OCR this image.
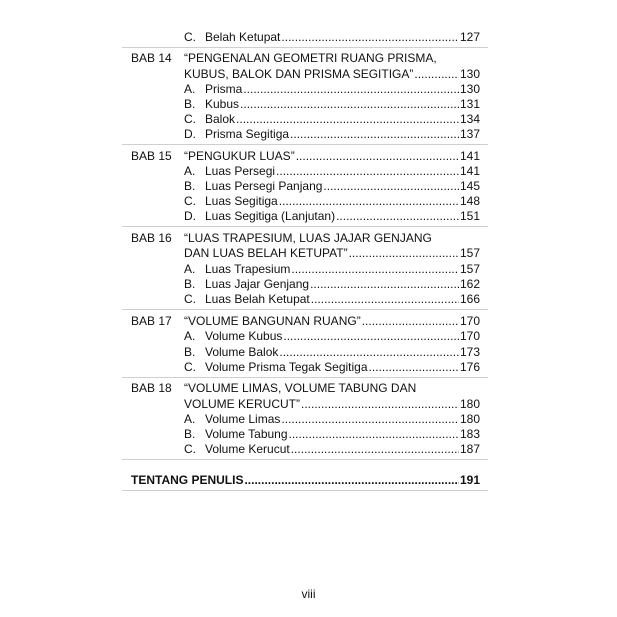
C. Belah Ketupat .....	127
BAB 14 “PENGENALAN GEOMETRI RUANG PRISMA,
KUBUS, BALOK DAN PRISMA SEGITIGA” .....	130
A. Prisma .....	130
B. Kubus .....	131
C. Balok .....	134
D. Prisma Segitiga .....	137
BAB 15 “PENGUKUR LUAS” .....	141
A. Luas Persegi .....	141
B. Luas Persegi Panjang .....	145
C. Luas Segitiga .....	148
D. Luas Segitiga (Lanjutan) .....	151
BAB 16 “LUAS TRAPESIUM, LUAS JAJAR GENJANG
DAN LUAS BELAH KETUPAT” .....	157
A. Luas Trapesium .....	157
B. Luas Jajar Genjang .....	162
C. Luas Belah Ketupat .....	166
BAB 17 “VOLUME BANGUNAN RUANG” .....	170
A. Volume Kubus .....	170
B. Volume Balok .....	173
C. Volume Prisma Tegak Segitiga .....	176
BAB 18 “VOLUME LIMAS, VOLUME TABUNG DAN
VOLUME KERUCUT” .....	180
A. Volume Limas .....	180
B. Volume Tabung .....	183
C. Volume Kerucut .....	187
TENTANG PENULIS .....	191
viii
